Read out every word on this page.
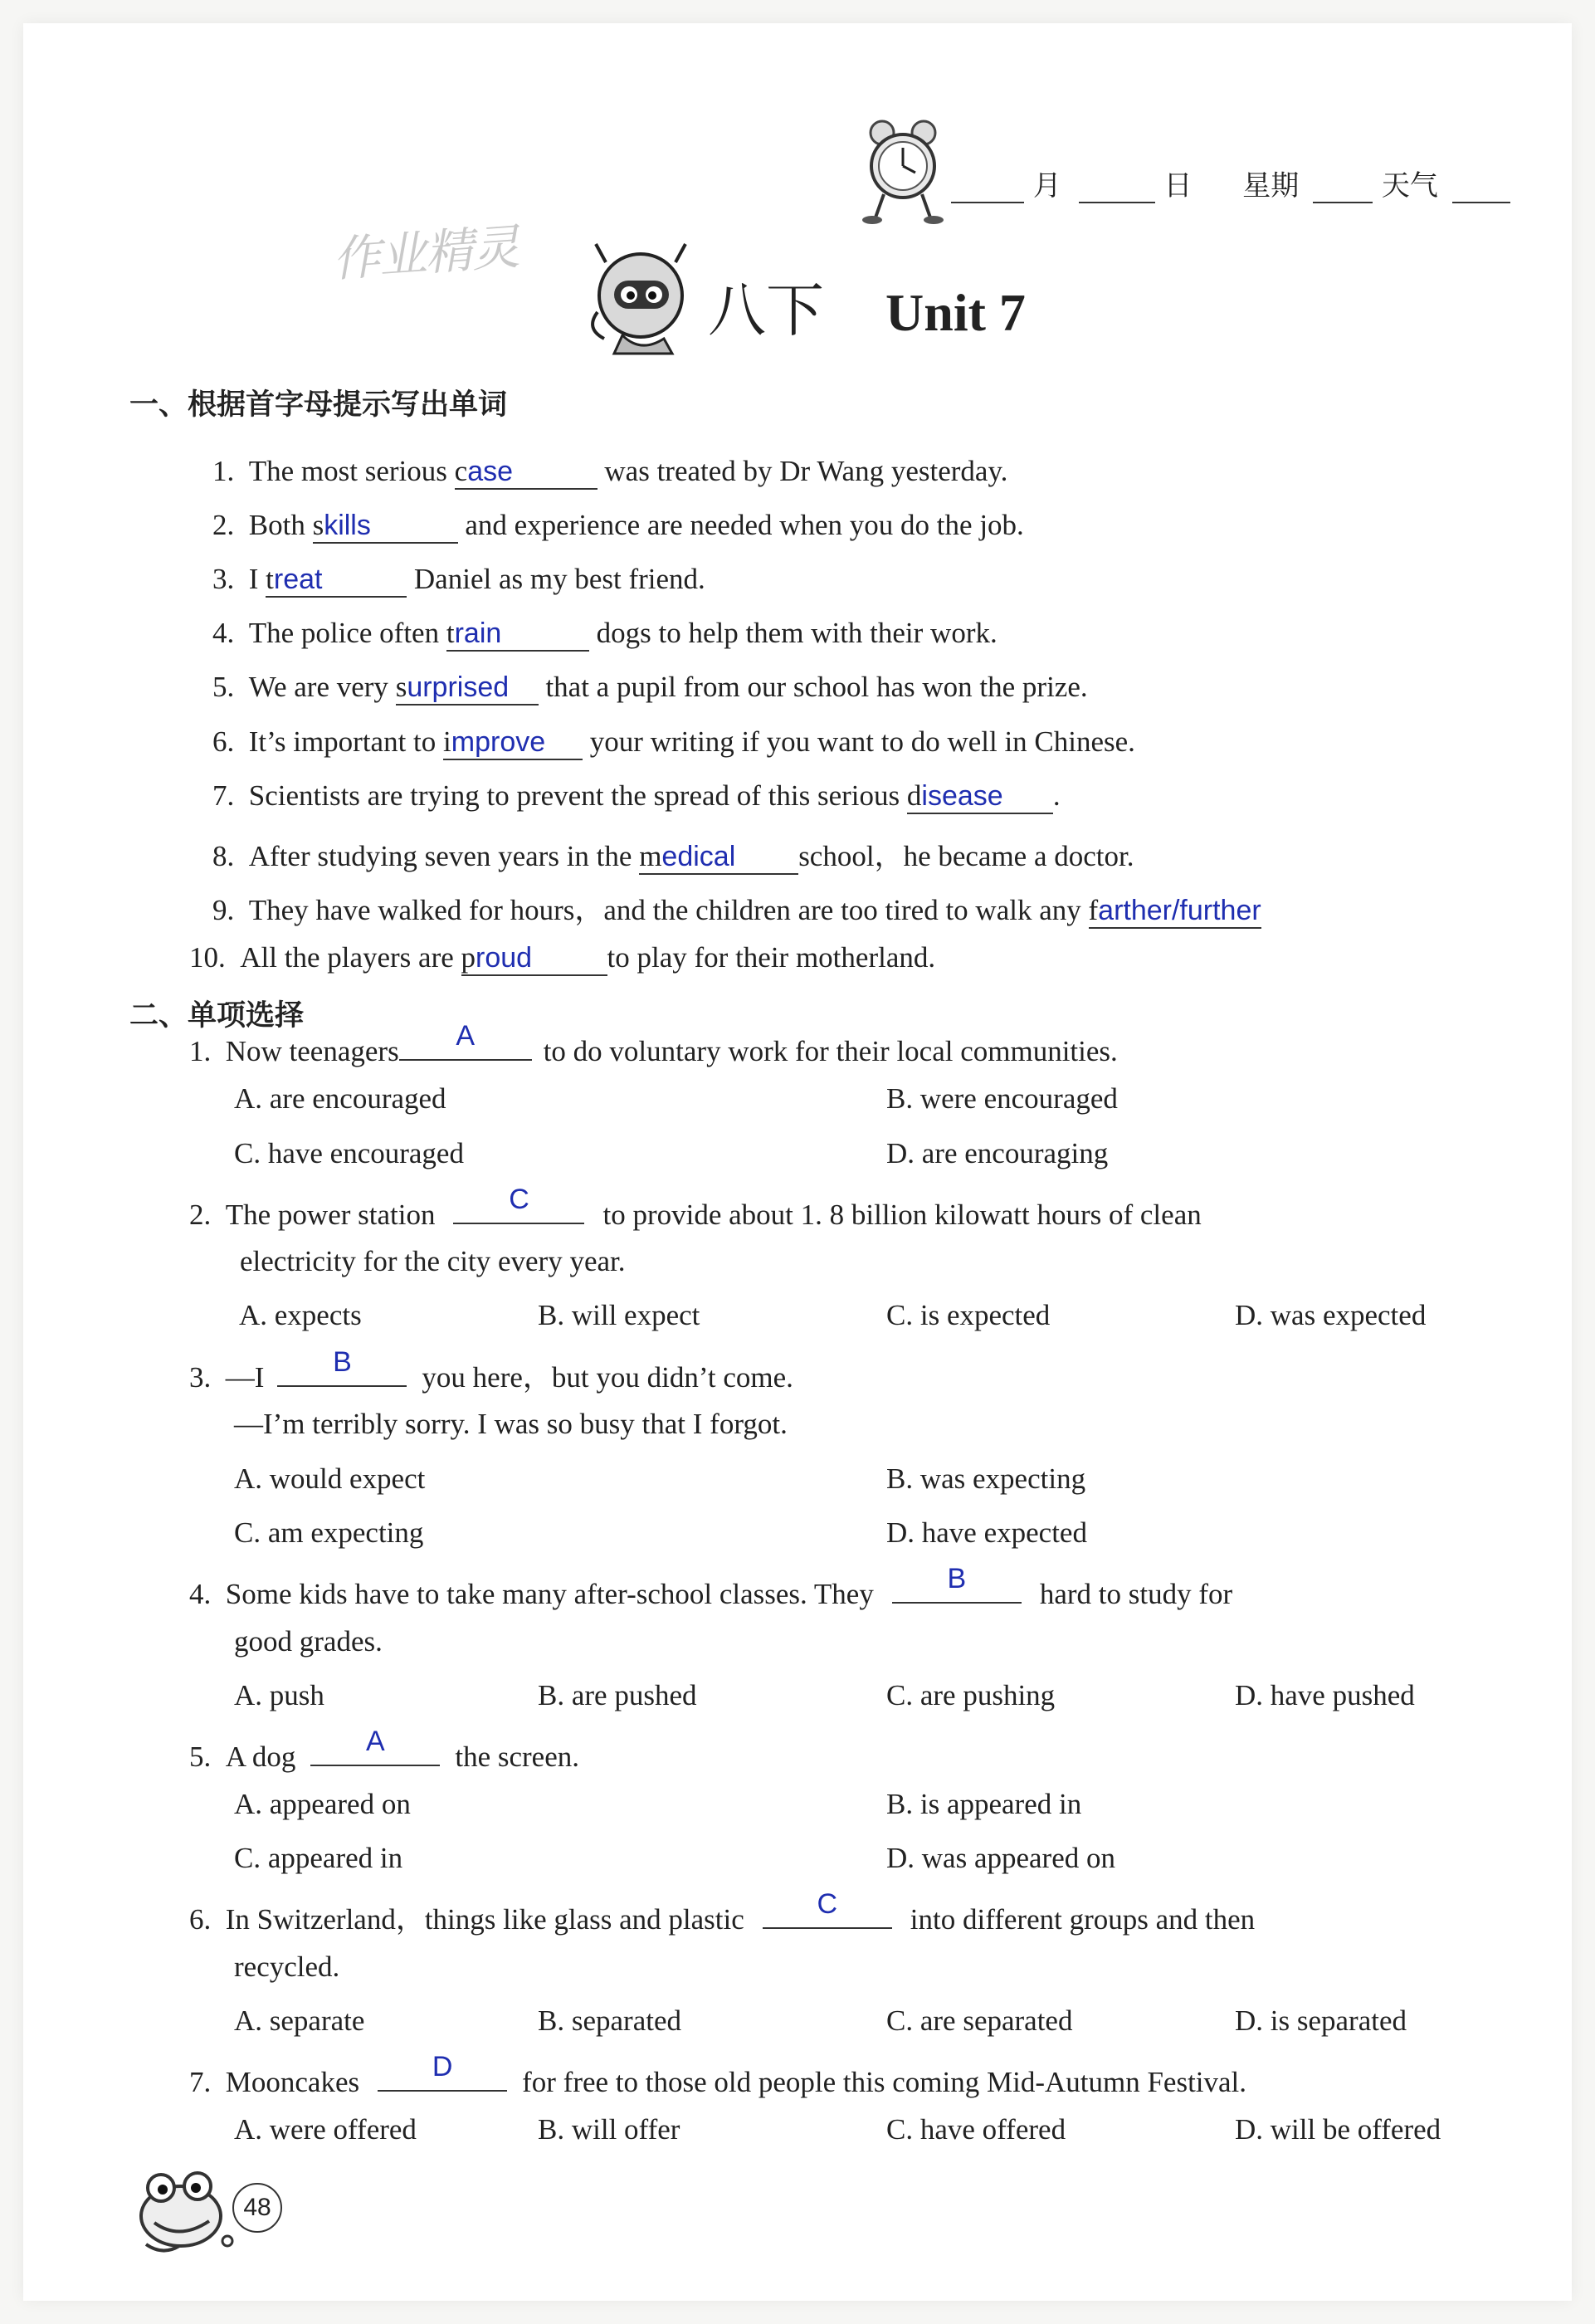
月	日 星期	天气
作业精灵
八下 Unit 7
一、根据首字母提示写出单词
1. The most serious case	was treated by Dr Wang yesterday.
2. Both skills	and experience are needed when you do the job.
3. I treat	Daniel as my best friend.
4. The police often train	dogs to help them with their work.
5. We are very surprised that a pupil from our school has won the prize.
6. It’s important to improve your writing if you want to do well in Chinese.
7. Scientists are trying to prevent the spread of this serious disease .
8. After studying seven years in the medical school，he became a doctor.
9. They have walked for hours，and the children are too tired to walk any farther/further
10. All the players are proud	to play for their motherland.
二、单项选择
1. Now teenagers	A	to do voluntary work for their local communities.
A. are encouraged	B. were encouraged
C. have encouraged	D. are encouraging
2. The power station	C	to provide about 1. 8 billion kilowatt hours of clean
electricity for the city every year.
A. expects	B. will expect	C. is expected	D. was expected
3. —I	B	you here，but you didn’t come.
—I’m terribly sorry. I was so busy that I forgot.
A. would expect	B. was expecting
C. am expecting	D. have expected
4. Some kids have to take many after-school classes. They	B	hard to study for
good grades.
A. push	B. are pushed	C. are pushing	D. have pushed
5. A dog	A	the screen.
A. appeared on	B. is appeared in
C. appeared in	D. was appeared on
6. In Switzerland，things like glass and plastic	C	into different groups and then
recycled.
A. separate	B. separated	C. are separated	D. is separated
7. Mooncakes	D	for free to those old people this coming Mid-Autumn Festival.
A. were offered	B. will offer	C. have offered	D. will be offered
48
